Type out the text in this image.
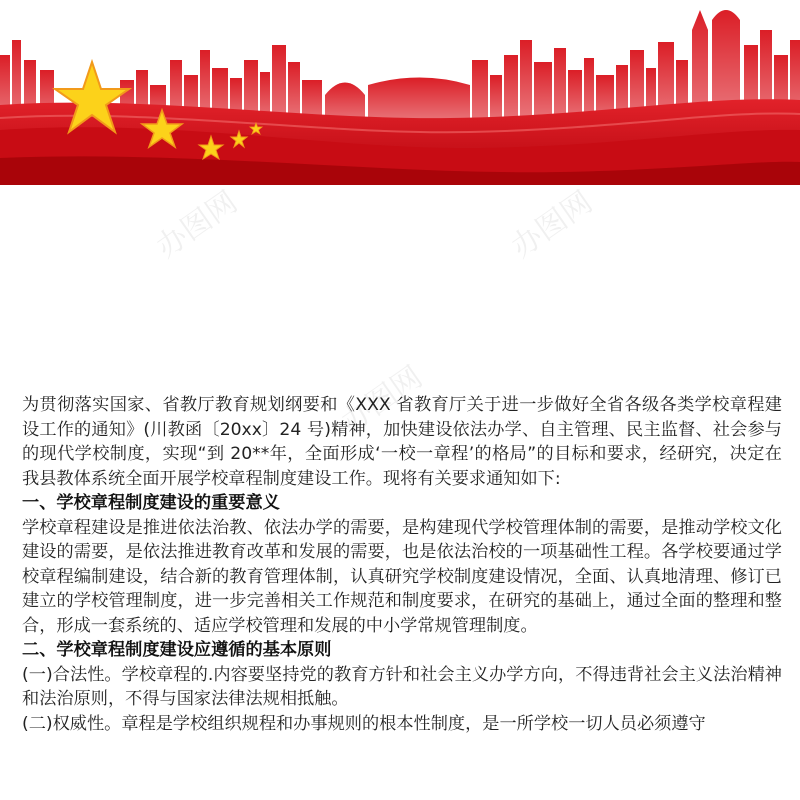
办图网	办图网
办图网

为贯彻落实国家、省教厅教育规划纲要和《XXX 省教育厅关于进一步做好全省各级各类学校章程建设工作的通知》(川教函〔20xx〕24 号)精神，加快建设依法办学、自主管理、民主监督、社会参与的现代学校制度，实现“到 20**年，全面形成‘一校一章程’的格局”的目标和要求，经研究，决定在我县教体系统全面开展学校章程制度建设工作。现将有关要求通知如下:

一、学校章程制度建设的重要意义

学校章程建设是推进依法治教、依法办学的需要，是构建现代学校管理体制的需要，是推动学校文化建设的需要，是依法推进教育改革和发展的需要，也是依法治校的一项基础性工程。各学校要通过学校章程编制建设，结合新的教育管理体制，认真研究学校制度建设情况，全面、认真地清理、修订已建立的学校管理制度，进一步完善相关工作规范和制度要求，在研究的基础上，通过全面的整理和整合，形成一套系统的、适应学校管理和发展的中小学常规管理制度。

二、学校章程制度建设应遵循的基本原则

(一)合法性。学校章程的.内容要坚持党的教育方针和社会主义办学方向，不得违背社会主义法治精神和法治原则，不得与国家法律法规相抵触。

(二)权威性。章程是学校组织规程和办事规则的根本性制度，是一所学校一切人员必须遵守
